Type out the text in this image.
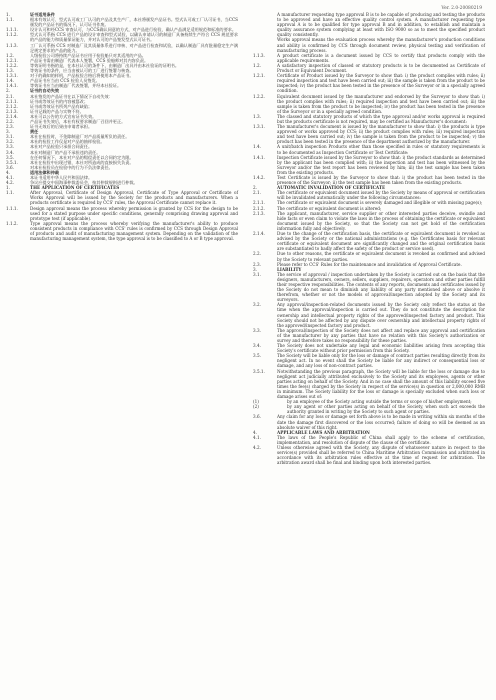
Ver. 2.0-20080219
1.	证书适用条件
1.1.	根本有效认可、型式认可或工厂认可的产品及其生产厂，本社将颁发产品证书。型式认可或工厂认可证书，当CCS颁发的产品证书的情况下，认可证书作废。
1.1.1.	设计认可和经CCS 审查认可，与CCS确认同意的方式，对产品进行检验，确认产品满足适用规范和标准的要求。
1.1.2.	型式认可系指 CCS 进行产品的设计审查和型式试验，以确认申请认可的制造厂具备持续生产符合 CCS 规范要求的产品的能力和质量保证能力，并对认可的产品签发型式认可证书。
1.1.3.	工厂认可系指 CCS 对制造厂及其质量体系进行审核、对产品进行检查和试验，以确认制造厂具有批量稳定生产满足规定要求的产品的能力。
1.2.	人级检验公司将持续产品证书应用于检验船只对其适用的产品。
1.2.1.	产品证书需由制造厂代表本人签署，CCS 验船师对其内容负责。
1.2.2.	等效证明书指的是，在本社认可的条件下，由制造厂出具并由本社验证的证明书。
1.3.	等效证书的条件，应当由被认可的工厂进行签署与核查。
1.3.1.	对于的确知的样机，产品检验合格后将使用本产品证书。
1.4.	产品证书应当由 CCS 检验人员签发。
1.4.1.	等效证书应当由制造厂代表签署，并经本社验证。
2.	证书的自动失效
2.1.	本社签发的产品证书在以下情况下自动失效：
2.1.1.	证书或等效证书的内容被篡改；
2.1.2.	证书或等效证书所列产品有缺陷；
2.1.3.	证书记载的产品与实物不符。
2.1.4.	本社可以公告的方式宣布证书失效。
2.2.	产品证书失效后，本社有权要求制造厂召回并更正。
2.3.	证书无效后的后果由申请者承担。
3.	责任
3.1.	本社在检验时，不免除制造厂对产品质量所负的责任。
3.2.	本社的检验工作仅是对产品的抽样检验。
3.3.	本社对产品检验只承担合同责任。
3.4.	本社对制造厂的产品不承担违约责任。
3.5.	在任何情况下，本社对产品的赔偿责任以合同约定为限。
3.5.1.	本社在检验中出现过错，本社对所造成的直接损失负责。
3.6.	对本社检验员在检验中的行为不负法律责任。
4.	适用法律和仲裁
4.1.	本证书适用中华人民共和国法律。
4.2.	争议应提交中国海事仲裁委员会，按其仲裁规则进行仲裁。
1.	THE APPLICATION OF CERTIFICATES
1.1.	After Approval, Certificate of Design Approval, Certificate of Type Approval or Certificate of Works Approval will be issued by the Society for the products and manufacturers. When a products certificate is required by CCS' rules, the Approval Certificate cannot replace it.
1.1.1.	Design approval means the process whereby permission is granted by CCS for the design to be used for a stated purpose under specific conditions, generally comprising drawing approval and prototype test (if applicable).
1.1.2.	Type approval means the process whereby verifying the manufacturer's ability to produce consistent products in compliance with CCS' rules is confirmed by CCS through Design Approval of products and audit of manufacturing management system. Depending on the validation of the manufacturing management system, the type approval is to be classified to A or B type approval.
A manufacturer requesting type approval B is to be capable of producing and testing the products to be approved and have an effective quality control system. A manufacturer requesting type approval A is to be qualified for type approval B and in addition, to establish and maintain a quality assurance system complying at least with ISO 9000 so as to meet the specified product quality consistently.
Works approval means the evaluation process whereby the manufacturer's production conditions and ability is confirmed by CCS through document review, physical testing and verification of manufacturing process.
1.1.3.	A product certificate is a document issued by CCS to certify that products comply with the applicable requirements.
1.2.	A satisfactory inspection of classed or statutory products is to be documented as Certificate of Product or Equivalent Document.
1.2.1.	Certificate of Product issued by the Surveyor to show that: i) the product complies with rules; ii) required inspection and test have been carried out; iii) the sample is taken from the product to be inspected; iv) the product has been tested in the presence of the Surveyor or in a specially agreed condition.
1.2.2.	Equivalent document issued by the manufacturer and endorsed by the Surveyor to show that: i) the product complies with rules; ii) required inspection and test have been carried out; iii) the sample is taken from the product to be inspected; iv) the product has been tested in the presence of the Surveyor or in a specially agreed condition.
1.3.	The classed and statutory products of which the type approval and/or works approval is required but the products certificate is not required, may be certified as Manufacturer's document:
1.3.1.	The manufacturer's document is issued by the manufacturer to show that: i) the products is type approved or works approved by CCS; ii) the product complies with rules; iii) required inspection and test have been carried out; iv) the sample is taken from the product to be inspected; v) the product has been tested in the presence of the department authorized by the manufacturer.
1.4.	A unit/batch inspection Products other than those specified in rules or statutory requirements is to be documented as Inspection Certificate or Test Certificate:
1.4.1.	Inspection Certificate issued by the Surveyor to show that: i) the product standards as determined by the applicant has been complied with; ii) the inspection and test has been witnessed by the Surveyor and/or the test report has been reviewed by him; iii) the test sample has been taken from the existing products.
1.4.2.	Test Certificate is issued by the Surveyor to show that: i) the product has been tested in the presence of the Surveyor; ii) the test sample has been taken from the existing products.
2.	AUTOMATIC INVALIDATION OF CERTIFICATE
2.1.	The certificate or equivalent document issued by the Society by means of approval or certification will be invalidated automatically under the following circumstances:
2.1.1.	The certificate or equivalent document is severely damaged and illegible or with missing page(s);
2.1.2.	The certificate or equivalent document is altered;
2.1.3.	The applicant, manufacturer, service supplier or other interested parties deceive, swindle and hide facts or even claim to violate the laws in the process of obtaining the certificate or equivalent document issued by the Society, so that the Society can not get hold of the certification information fully and objectively.
2.1.4.	Due to the change of the certification basis, the certificate or equivalent document is revoked as advised by the Society or the national administrations (e.g. the Certificates basis for relevant certificate or equivalent document are significantly changed and the original certification basis are substantiated to badly affect the safety of the product or service used).
2.2.	Due to other reasons, the certificate or equivalent document is revoked as confirmed and advised by the Society to relevant parties.
2.3.	Please refer to CCS' Rules for the maintenance and invalidation of Approval Certificate.
3.	LIABILITY
3.1.	The service of approval / inspection undertaken by the Society is carried out on the basis that the designers, manufacturers, owners, sellers, suppliers, repairers, operators and other parties fulfill their respective responsibilities. The contents of any reports, documents and certificates issued by the Society do not mean to diminish any liability of any party mentioned above or absolve it therefrom, whether or not the models of approval/inspection adopted by the Society and its surveyors.
3.2.	Any approval/inspection-related documents issued by the Society only reflect the status at the time when the approval/inspection is carried out. They do not constitute the description for ownership and intellectual property rights of the approved/inspected factory and product. This Society should not be affected by any dispute over ownership and intellectual property rights of the approved/inspected factory and product.
3.3.	The approval/inspection of the Society does not affect and replace any approval and certification of the manufacturer by any parties that have no relation with this Society's authorization or survey and therefore takes no responsibility for these parties.
3.4.	The Society does not undertake any legal and economic liabilities arising from accepting this Society's certificate without prior permission from this Society.
3.5.	The Society will be liable only for the loss or damage of contract parties resulting directly from its negligent act. In no event shall the Society be liable for any indirect or consequential loss or damage, and any loss of non-contract parties.
3.5.1.	Notwithstanding the previous paragraph, the Society will be liable for the loss or damage due to negligent act judicially attributed exclusively to the Society and its employees, agents or other parties acting on behalf of the Society. And in no case shall the amount of this liability exceed five times the fee(s) charged by the Society in respect of the service(s) in question or 2,000,000 RMB in minimum. The Society liability for the loss or damage is specially excluded when such loss or damage arises out of:
(1)	by an employee of the Society acting outside the terms or scope of his/her employment;
(2)	by any agent or other parties acting on behalf of the Society, when such act exceeds the authority granted in writing by the Society to such agent or parties.
3.6.	Any claim for any loss or damage set forth above is to be made in writing within six months of the date the damage first discovered or the loss occurred; failure of doing so will be deemed as an absolute waiver of this right.
4.	APPLICABLE LAWS AND ARBITRATION
4.1.	The laws of the People's Republic of China shall apply to the scheme of certification, implementation, and resolution of dispute of the clause of the certificate.
4.2.	Unless otherwise agreed with the Society, any dispute of whatsoever nature in respect to the service(s) provided shall be referred to China Maritime Arbitration Commission and arbitrated in accordance with its arbitration rules effective at the time of request for arbitration. The arbitration award shall be final and binding upon both interested parties.
